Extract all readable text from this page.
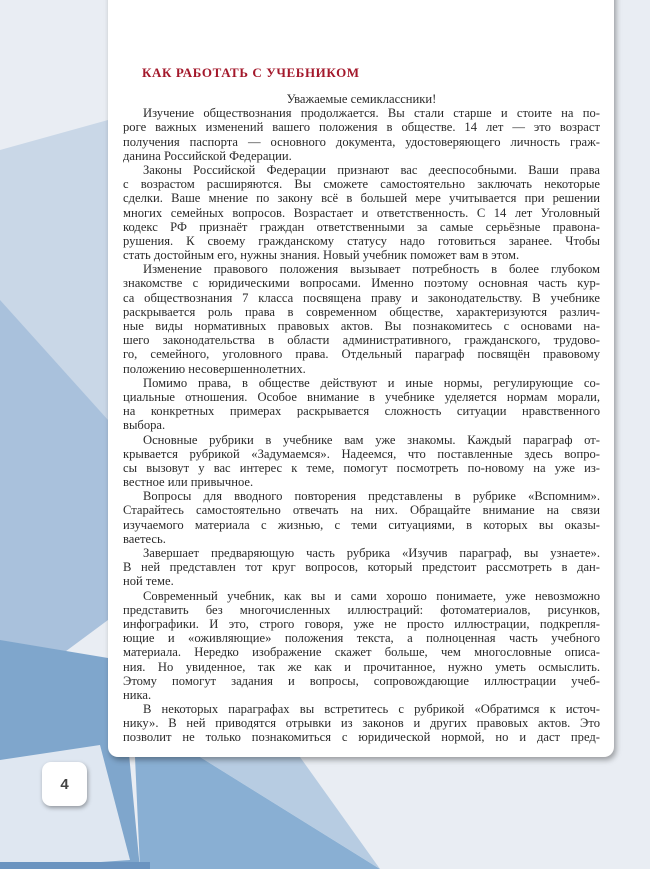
КАК РАБОТАТЬ С УЧЕБНИКОМ
Уважаемые семиклассники!
Изучение обществознания продолжается. Вы стали старше и стоите на по-
роге важных изменений вашего положения в обществе. 14 лет — это возраст
получения паспорта — основного документа, удостоверяющего личность граж-
данина Российской Федерации.
Законы Российской Федерации признают вас дееспособными. Ваши права
с возрастом расширяются. Вы сможете самостоятельно заключать некоторые
сделки. Ваше мнение по закону всё в большей мере учитывается при решении
многих семейных вопросов. Возрастает и ответственность. С 14 лет Уголовный
кодекс РФ признаёт граждан ответственными за самые серьёзные правона-
рушения. К своему гражданскому статусу надо готовиться заранее. Чтобы
стать достойным его, нужны знания. Новый учебник поможет вам в этом.
Изменение правового положения вызывает потребность в более глубоком
знакомстве с юридическими вопросами. Именно поэтому основная часть кур-
са обществознания 7 класса посвящена праву и законодательству. В учебнике
раскрывается роль права в современном обществе, характеризуются различ-
ные виды нормативных правовых актов. Вы познакомитесь с основами на-
шего законодательства в области административного, гражданского, трудово-
го, семейного, уголовного права. Отдельный параграф посвящён правовому
положению несовершеннолетних.
Помимо права, в обществе действуют и иные нормы, регулирующие со-
циальные отношения. Особое внимание в учебнике уделяется нормам морали,
на конкретных примерах раскрывается сложность ситуации нравственного
выбора.
Основные рубрики в учебнике вам уже знакомы. Каждый параграф от-
крывается рубрикой «Задумаемся». Надеемся, что поставленные здесь вопро-
сы вызовут у вас интерес к теме, помогут посмотреть по-новому на уже из-
вестное или привычное.
Вопросы для вводного повторения представлены в рубрике «Вспомним».
Старайтесь самостоятельно отвечать на них. Обращайте внимание на связи
изучаемого материала с жизнью, с теми ситуациями, в которых вы оказы-
ваетесь.
Завершает предваряющую часть рубрика «Изучив параграф, вы узнаете».
В ней представлен тот круг вопросов, который предстоит рассмотреть в дан-
ной теме.
Современный учебник, как вы и сами хорошо понимаете, уже невозможно
представить без многочисленных иллюстраций: фотоматериалов, рисунков,
инфографики. И это, строго говоря, уже не просто иллюстрации, подкрепля-
ющие и «оживляющие» положения текста, а полноценная часть учебного
материала. Нередко изображение скажет больше, чем многословные описа-
ния. Но увиденное, так же как и прочитанное, нужно уметь осмыслить.
Этому помогут задания и вопросы, сопровождающие иллюстрации учеб-
ника.
В некоторых параграфах вы встретитесь с рубрикой «Обратимся к источ-
нику». В ней приводятся отрывки из законов и других правовых актов. Это
позволит не только познакомиться с юридической нормой, но и даст пред-
4
